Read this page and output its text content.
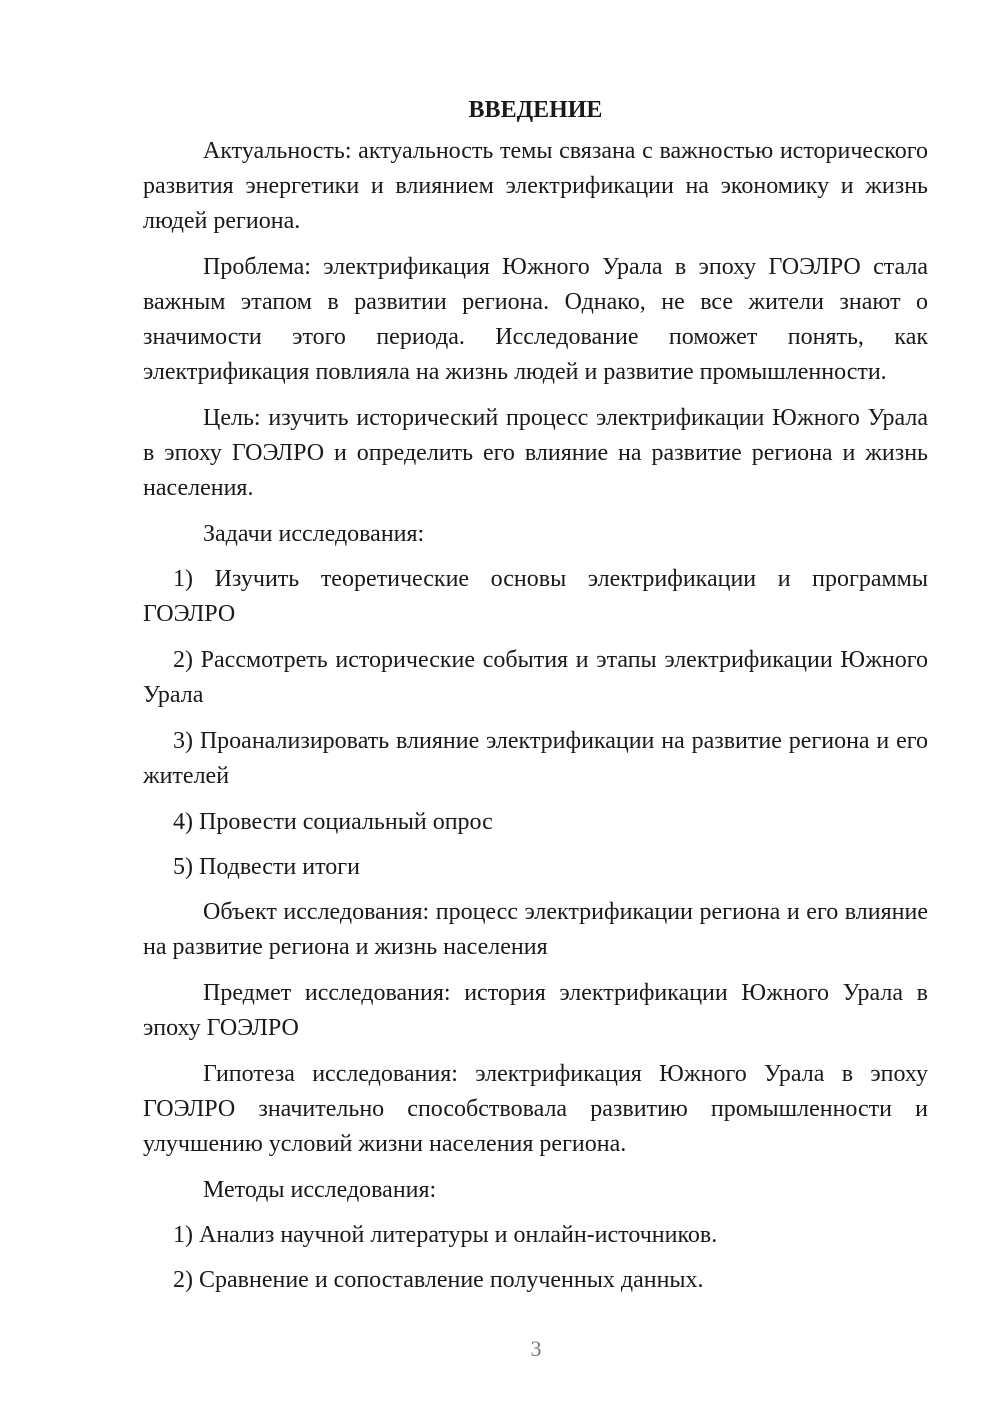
ВВЕДЕНИЕ

Актуальность: актуальность темы связана с важностью исторического развития энергетики и влиянием электрификации на экономику и жизнь людей региона.

Проблема: электрификация Южного Урала в эпоху ГОЭЛРО стала важным этапом в развитии региона. Однако, не все жители знают о значимости этого периода. Исследование поможет понять, как электрификация повлияла на жизнь людей и развитие промышленности.

Цель: изучить исторический процесс электрификации Южного Урала в эпоху ГОЭЛРО и определить его влияние на развитие региона и жизнь населения.

Задачи исследования:

1) Изучить теоретические основы электрификации и программы ГОЭЛРО

2) Рассмотреть исторические события и этапы электрификации Южного Урала

3) Проанализировать влияние электрификации на развитие региона и его жителей

4) Провести социальный опрос

5) Подвести итоги

Объект исследования: процесс электрификации региона и его влияние на развитие региона и жизнь населения

Предмет исследования: история электрификации Южного Урала в эпоху ГОЭЛРО

Гипотеза исследования: электрификация Южного Урала в эпоху ГОЭЛРО значительно способствовала развитию промышленности и улучшению условий жизни населения региона.

Методы исследования:

1) Анализ научной литературы и онлайн-источников.

2) Сравнение и сопоставление полученных данных.

3
